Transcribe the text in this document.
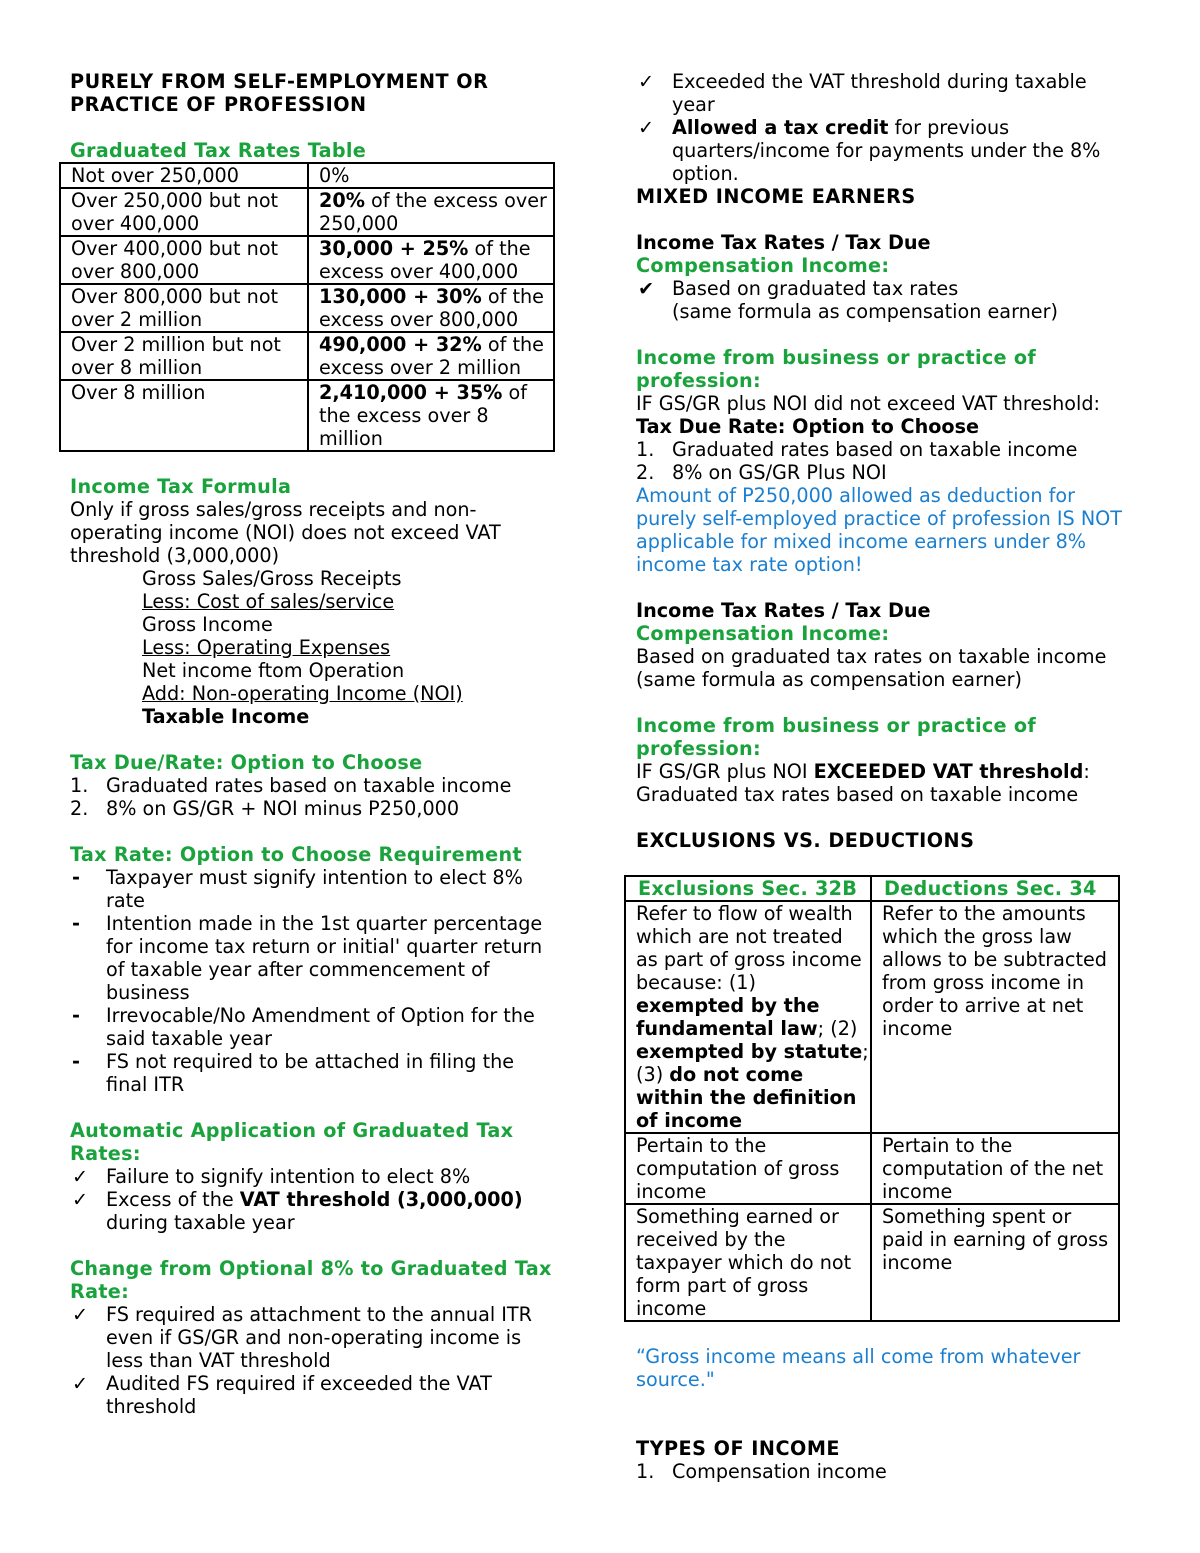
PURELY FROM SELF-EMPLOYMENT OR

PRACTICE OF PROFESSION

Graduated Tax Rates Table

Not over 250,000	0%
Over 250,000 but not over 400,000	20% of the excess over 250,000
Over 400,000 but not over 800,000	30,000 + 25% of the excess over 400,000
Over 800,000 but not over 2 million	130,000 + 30% of the excess over 800,000
Over 2 million but not over 8 million	490,000 + 32% of the excess over 2 million
Over 8 million	2,410,000 + 35% of the excess over 8 million

Income Tax Formula

Only if gross sales/gross receipts and non-operating income (NOI) does not exceed VAT threshold (3,000,000)

Gross Sales/Gross Receipts

Less: Cost of sales/service

Gross Income

Less: Operating Expenses

Net income ftom Operation

Add: Non-operating Income (NOI)

Taxable Income

Tax Due/Rate: Option to Choose

1. Graduated rates based on taxable income
2. 8% on GS/GR + NOI minus P250,000

Tax Rate: Option to Choose Requirement

- Taxpayer must signify intention to elect 8% rate
- Intention made in the 1st quarter percentage for income tax return or initial' quarter return of taxable year after commencement of business
- Irrevocable/No Amendment of Option for the said taxable year
- FS not required to be attached in filing the final ITR

Automatic Application of Graduated Tax Rates:

✓ Failure to signify intention to elect 8%
✓ Excess of the VAT threshold (3,000,000) during taxable year

Change from Optional 8% to Graduated Tax Rate:

✓ FS required as attachment to the annual ITR even if GS/GR and non-operating income is less than VAT threshold
✓ Audited FS required if exceeded the VAT threshold
✓ Exceeded the VAT threshold during taxable year
✓ Allowed a tax credit for previous quarters/income for payments under the 8% option.

MIXED INCOME EARNERS

Income Tax Rates / Tax Due

Compensation Income:

✔ Based on graduated tax rates
(same formula as compensation earner)

Income from business or practice of profession:

IF GS/GR plus NOI did not exceed VAT threshold:

Tax Due Rate: Option to Choose

1. Graduated rates based on taxable income
2. 8% on GS/GR Plus NOI

Amount of P250,000 allowed as deduction for purely self-employed practice of profession IS NOT applicable for mixed income earners under 8% income tax rate option!

Income Tax Rates / Tax Due

Compensation Income:

Based on graduated tax rates on taxable income (same formula as compensation earner)

Income from business or practice of profession:

IF GS/GR plus NOI EXCEEDED VAT threshold:

Graduated tax rates based on taxable income

EXCLUSIONS VS. DEDUCTIONS

Exclusions Sec. 32B	Deductions Sec. 34
Refer to flow of wealth which are not treated as part of gross income because: (1) exempted by the fundamental law; (2) exempted by statute; (3) do not come within the definition of income	Refer to the amounts which the gross law allows to be subtracted from gross income in order to arrive at net income
Pertain to the computation of gross income	Pertain to the computation of the net income
Something earned or received by the taxpayer which do not form part of gross income	Something spent or paid in earning of gross income

“Gross income means all come from whatever source."

TYPES OF INCOME

1. Compensation income
